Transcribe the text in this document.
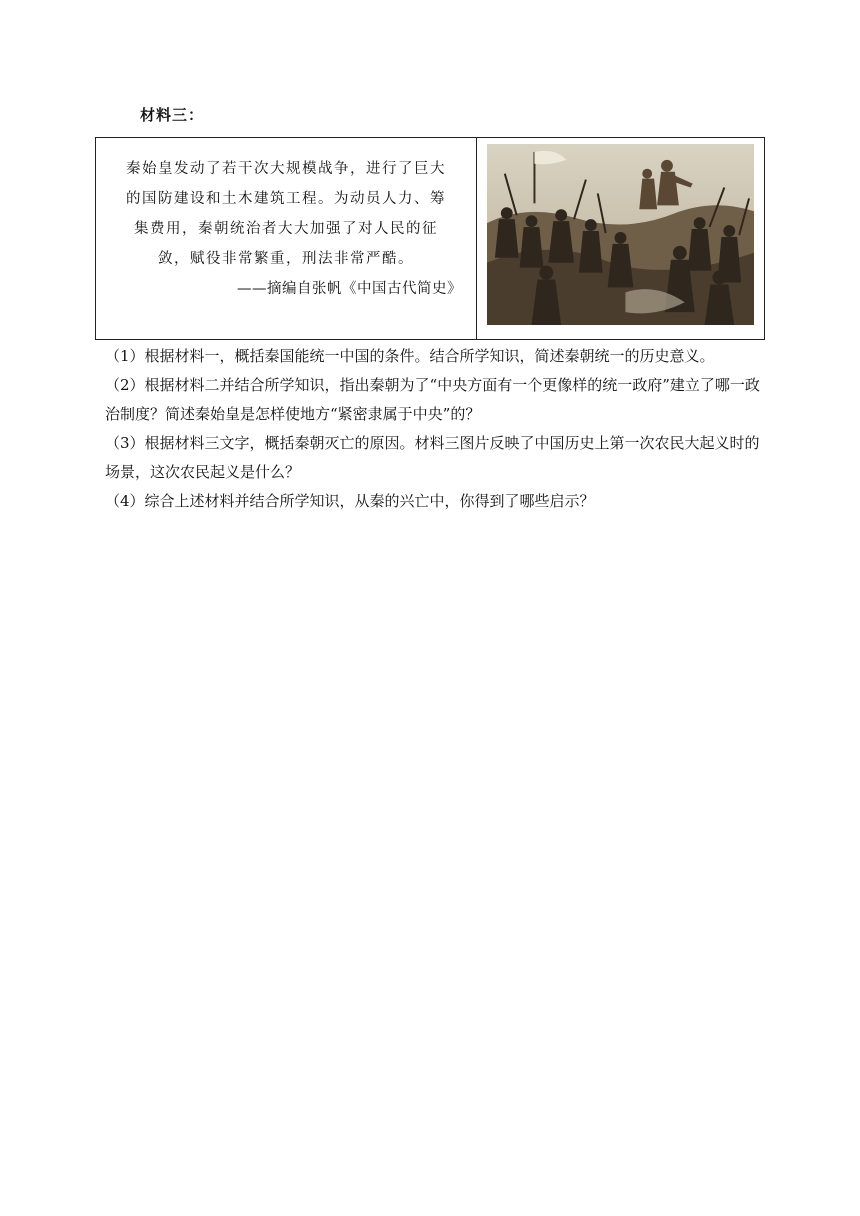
材料三：
秦始皇发动了若干次大规模战争，进行了巨大
的国防建设和土木建筑工程。为动员人力、筹
集费用，秦朝统治者大大加强了对人民的征
敛，赋役非常繁重，刑法非常严酷。
——摘编自张帆《中国古代简史》

（1）根据材料一，概括秦国能统一中国的条件。结合所学知识，简述秦朝统一的历史意义。

（2）根据材料二并结合所学知识，指出秦朝为了“中央方面有一个更像样的统一政府”建立了哪一政治制度？简述秦始皇是怎样使地方“紧密隶属于中央”的？

（3）根据材料三文字，概括秦朝灭亡的原因。材料三图片反映了中国历史上第一次农民大起义时的场景，这次农民起义是什么？

（4）综合上述材料并结合所学知识，从秦的兴亡中，你得到了哪些启示？
